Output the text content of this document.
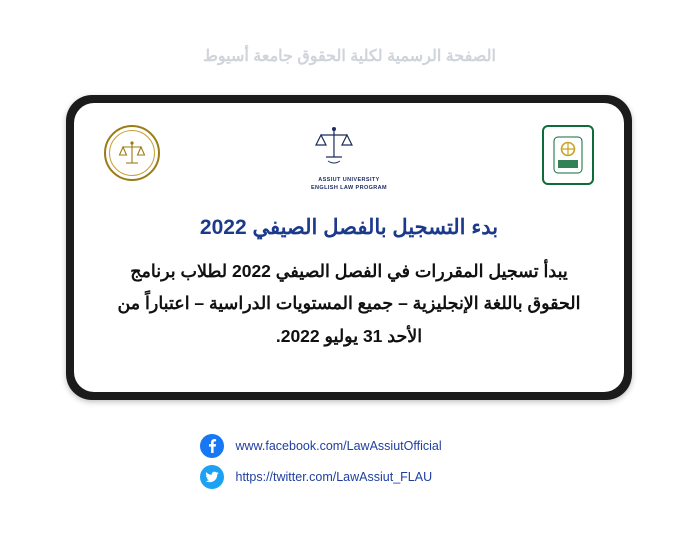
الصفحة الرسمية لكلية الحقوق جامعة أسيوط
ASSIUT UNIVERSITY
ENGLISH LAW PROGRAM
بدء التسجيل بالفصل الصيفي 2022
يبدأ تسجيل المقررات في الفصل الصيفي 2022 لطلاب برنامج الحقوق باللغة الإنجليزية – جميع المستويات الدراسية – اعتباراً من الأحد 31 يوليو 2022.
www.facebook.com/LawAssiutOfficial
https://twitter.com/LawAssiut_FLAU
